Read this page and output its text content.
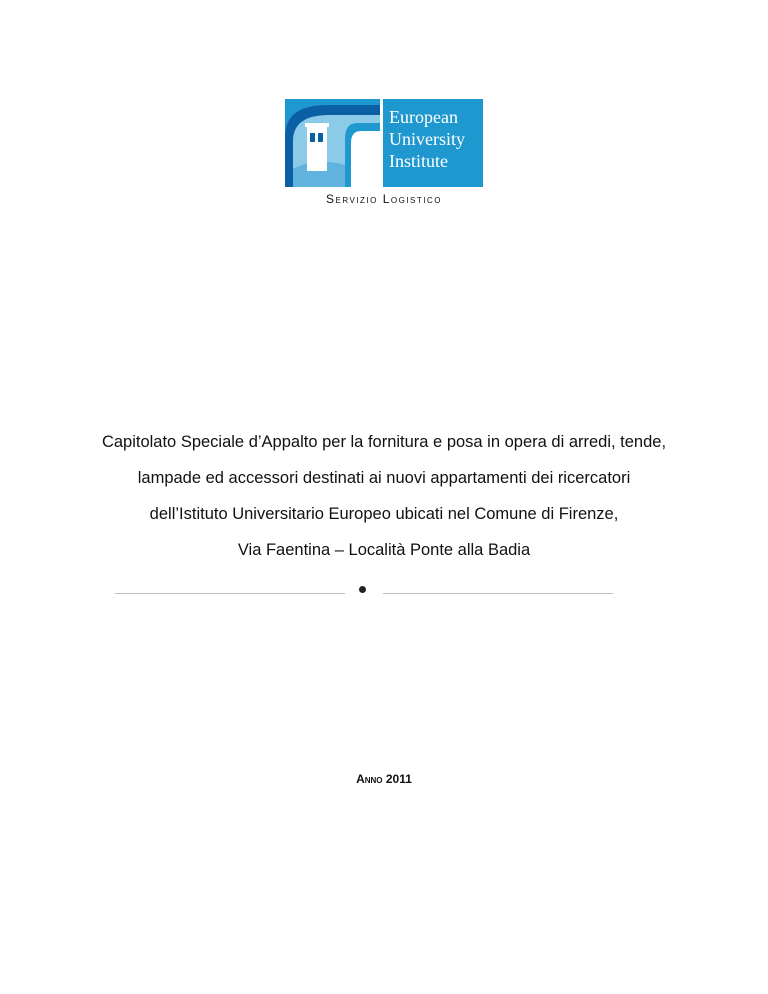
European
University
Institute
Servizio Logistico
Capitolato Speciale d’Appalto per la fornitura e posa in opera di arredi, tende,
lampade ed accessori destinati ai nuovi appartamenti dei ricercatori
dell’Istituto Universitario Europeo ubicati nel Comune di Firenze,
Via Faentina – Località Ponte alla Badia
Anno 2011
